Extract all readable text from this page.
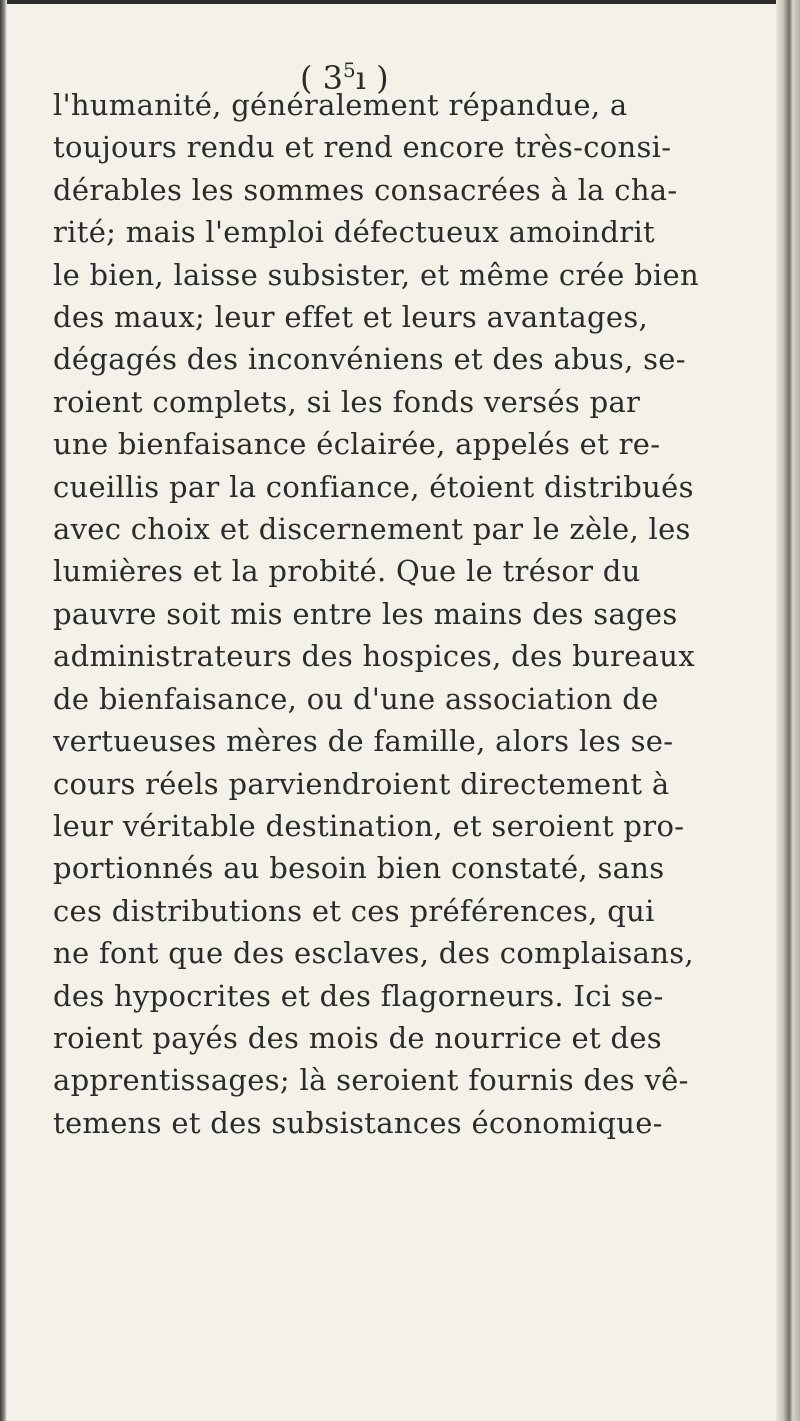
( $3^5ı$ )
l'humanité, généralement répandue, a
toujours rendu et rend encore très-consi-
dérables les sommes consacrées à la cha-
rité; mais l'emploi défectueux amoindrit
le bien, laisse subsister, et même crée bien
des maux; leur effet et leurs avantages,
dégagés des inconvéniens et des abus, se-
roient complets, si les fonds versés par
une bienfaisance éclairée, appelés et re-
cueillis par la confiance, étoient distribués
avec choix et discernement par le zèle, les
lumières et la probité. Que le trésor du
pauvre soit mis entre les mains des sages
administrateurs des hospices, des bureaux
de bienfaisance, ou d'une association de
vertueuses mères de famille, alors les se-
cours réels parviendroient directement à
leur véritable destination, et seroient pro-
portionnés au besoin bien constaté, sans
ces distributions et ces préférences, qui
ne font que des esclaves, des complaisans,
des hypocrites et des flagorneurs. Ici se-
roient payés des mois de nourrice et des
apprentissages; là seroient fournis des vê-
temens et des subsistances économique-
